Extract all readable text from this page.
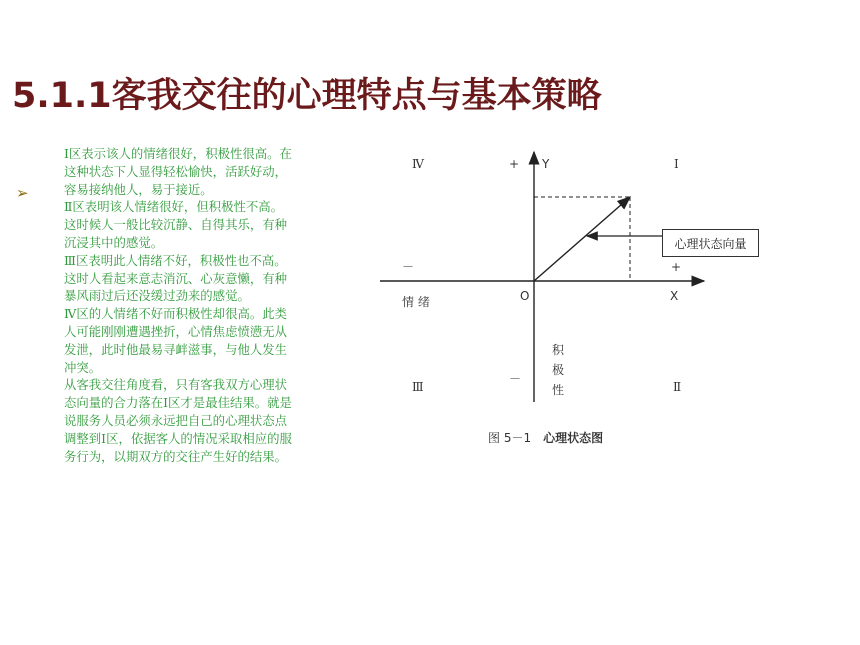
5.1.1客我交往的心理特点与基本策略
➢

Ⅰ区表示该人的情绪很好，积极性很高。在这种状态下人显得轻松愉快，活跃好动，容易接纳他人，易于接近。

Ⅱ区表明该人情绪很好，但积极性不高。这时候人一般比较沉静、自得其乐，有种沉浸其中的感觉。

Ⅲ区表明此人情绪不好，积极性也不高。这时人看起来意志消沉、心灰意懒，有种暴风雨过后还没缓过劲来的感觉。

Ⅳ区的人情绪不好而积极性却很高。此类人可能刚刚遭遇挫折，心情焦虑愤懑无从发泄，此时他最易寻衅滋事，与他人发生冲突。

从客我交往角度看，只有客我双方心理状态向量的合力落在Ⅰ区才是最佳结果。就是说服务人员必须永远把自己的心理状态点调整到Ⅰ区，依据客人的情况采取相应的服务行为，以期双方的交往产生好的结果。

Ⅳ	+ Y	Ⅰ
－	+
O	X
情 绪
积
极
性
Ⅲ
－
Ⅱ
心理状态向量
图 5－1 心理状态图
